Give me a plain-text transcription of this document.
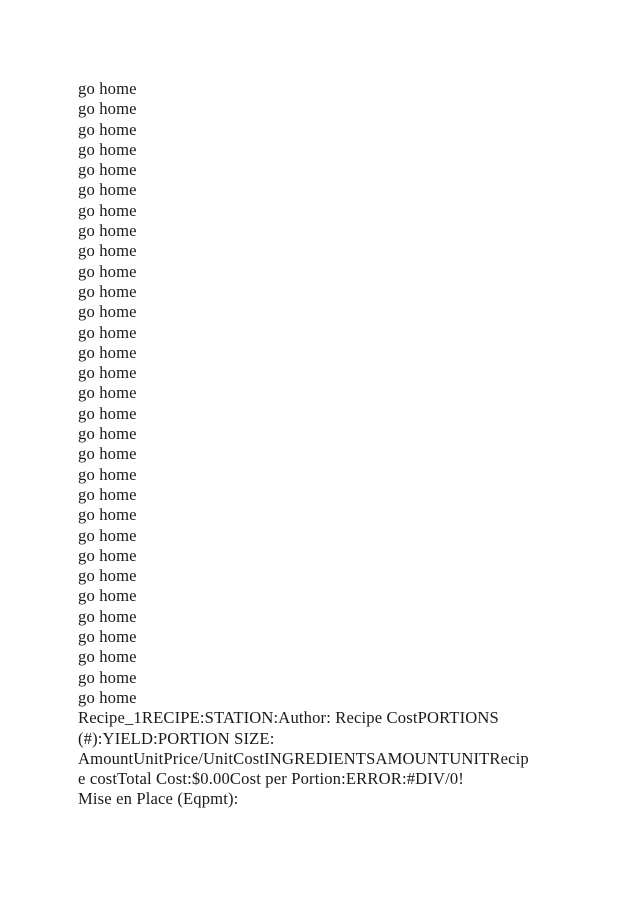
go home
go home
go home
go home
go home
go home
go home
go home
go home
go home
go home
go home
go home
go home
go home
go home
go home
go home
go home
go home
go home
go home
go home
go home
go home
go home
go home
go home
go home
go home
go home
Recipe_1RECIPE:STATION:Author: Recipe CostPORTIONS
(#):YIELD:PORTION SIZE:
AmountUnitPrice/UnitCostINGREDIENTSAMOUNTUNITRecip
e costTotal Cost:$0.00Cost per Portion:ERROR:#DIV/0!
Mise en Place (Eqpmt):
